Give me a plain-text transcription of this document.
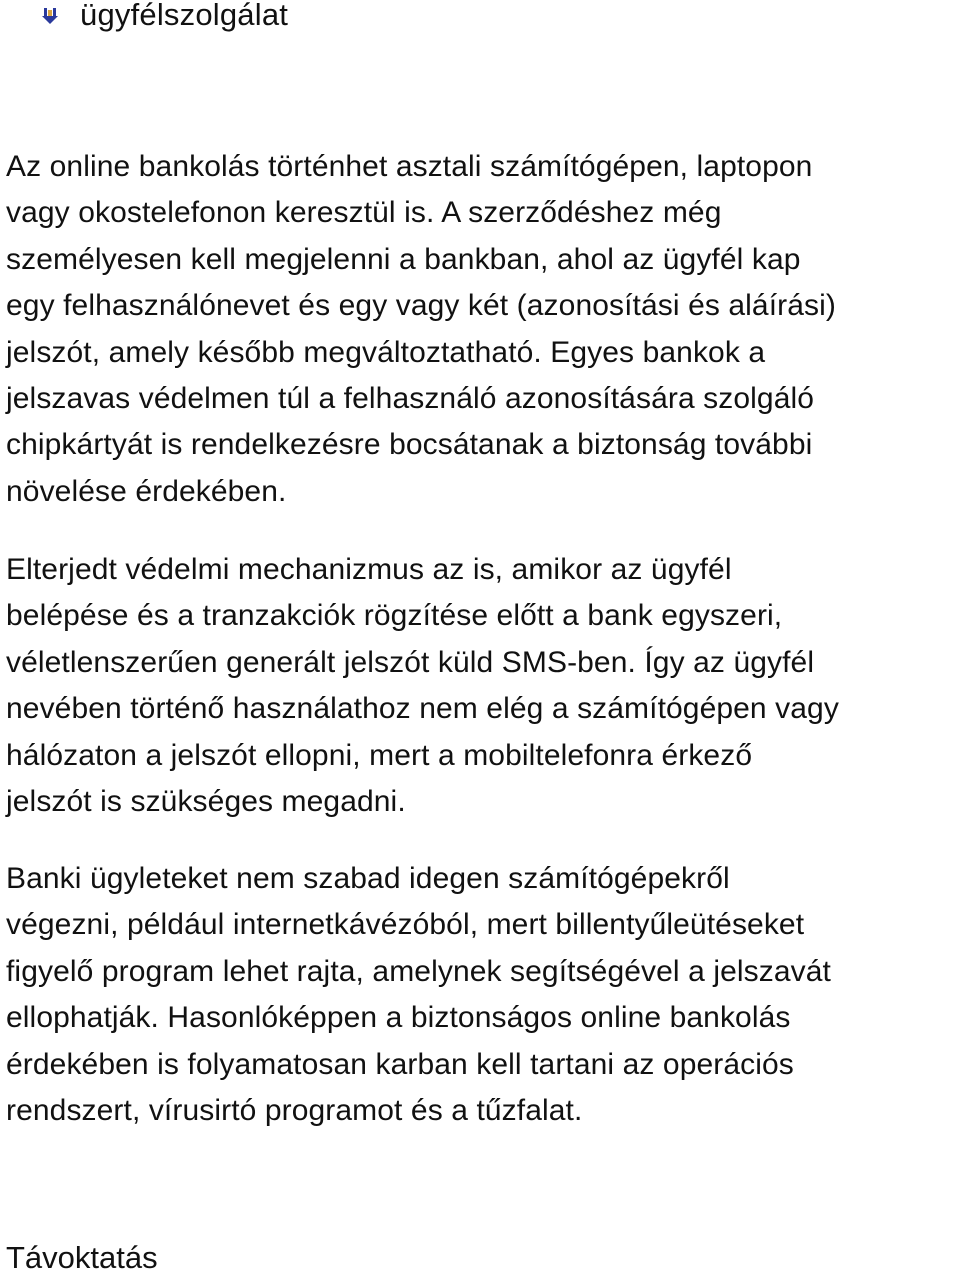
ügyfélszolgálat

Az online bankolás történhet asztali számítógépen, laptopon
vagy okostelefonon keresztül is. A szerződéshez még
személyesen kell megjelenni a bankban, ahol az ügyfél kap
egy felhasználónevet és egy vagy két (azonosítási és aláírási)
jelszót, amely később megváltoztatható. Egyes bankok a
jelszavas védelmen túl a felhasználó azonosítására szolgáló
chipkártyát is rendelkezésre bocsátanak a biztonság további
növelése érdekében.

Elterjedt védelmi mechanizmus az is, amikor az ügyfél
belépése és a tranzakciók rögzítése előtt a bank egyszeri,
véletlenszerűen generált jelszót küld SMS-ben. Így az ügyfél
nevében történő használathoz nem elég a számítógépen vagy
hálózaton a jelszót ellopni, mert a mobiltelefonra érkező
jelszót is szükséges megadni.

Banki ügyleteket nem szabad idegen számítógépekről
végezni, például internetkávézóból, mert billentyűleütéseket
figyelő program lehet rajta, amelynek segítségével a jelszavát
ellophatják. Hasonlóképpen a biztonságos online bankolás
érdekében is folyamatosan karban kell tartani az operációs
rendszert, vírusirtó programot és a tűzfalat.

Távoktatás
